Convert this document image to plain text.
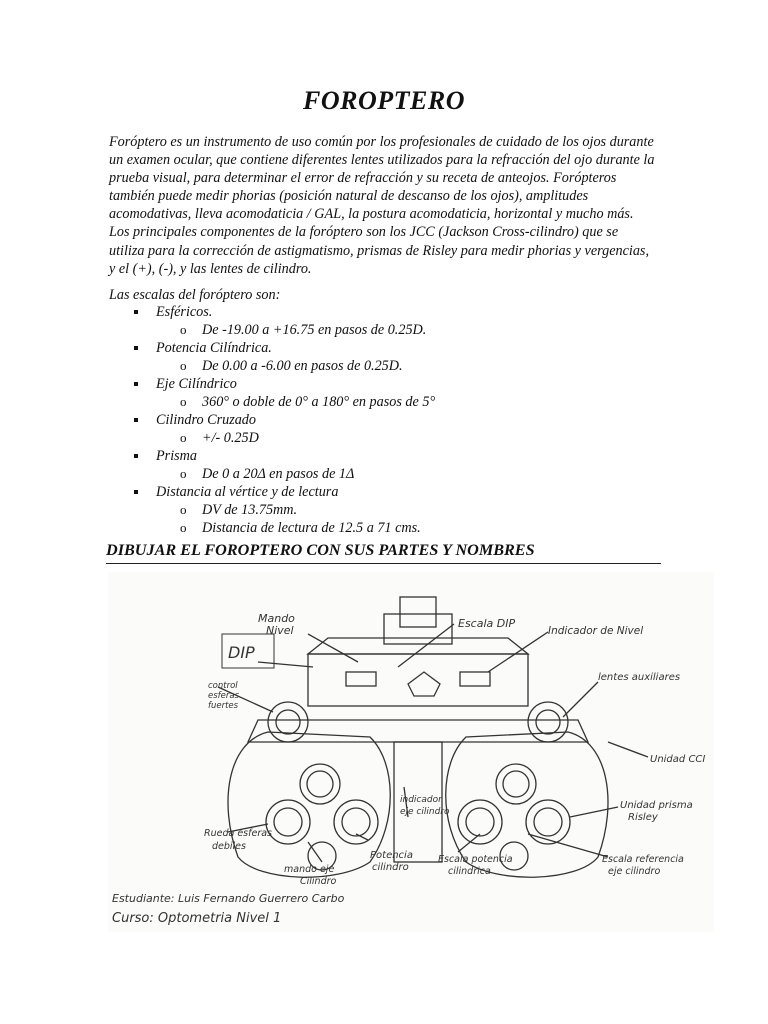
FOROPTERO
Foróptero es un instrumento de uso común por los profesionales de cuidado de los ojos durante un examen ocular, que contiene diferentes lentes utilizados para la refracción del ojo durante la prueba visual, para determinar el error de refracción y su receta de anteojos. Forópteros también puede medir phorias (posición natural de descanso de los ojos), amplitudes acomodativas, lleva acomodaticia / GAL, la postura acomodaticia, horizontal y mucho más. Los principales componentes de la foróptero son los JCC (Jackson Cross-cilindro) que se utiliza para la corrección de astigmatismo, prismas de Risley para medir phorias y vergencias, y el (+), (-), y las lentes de cilindro.
Las escalas del foróptero son:
Esféricos.
o De -19.00 a +16.75 en pasos de 0.25D.
Potencia Cilíndrica.
o De 0.00 a -6.00 en pasos de 0.25D.
Eje Cilíndrico
o 360° o doble de 0° a 180° en pasos de 5°
Cilindro Cruzado
o +/- 0.25D
Prisma
o De 0 a 20Δ en pasos de 1Δ
Distancia al vértice y de lectura
o DV de 13.75mm.
o Distancia de lectura de 12.5 a 71 cms.
DIBUJAR EL FOROPTERO CON SUS PARTES Y NOMBRES
Mando
Nivel
DIP
Escala DIP
Indicador de Nivel
control
esferas
fuertes
lentes auxiliares
Unidad CCI
Unidad prisma
Risley
Rueda esferas
debiles
indicador
eje cilindro
Potencia
cilindro
mando eje
Cilindro
Escala potencia
cilindrica
Escala referencia
eje cilindro
Estudiante: Luis Fernando Guerrero Carbo
Curso: Optometria Nivel 1
